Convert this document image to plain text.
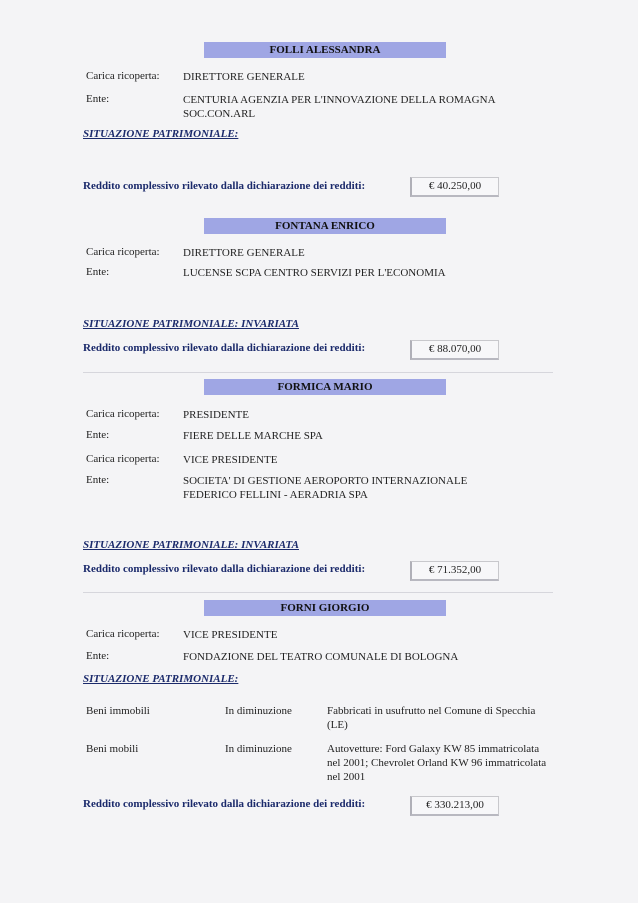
FOLLI ALESSANDRA
Carica ricoperta: DIRETTORE GENERALE
Ente:	CENTURIA AGENZIA PER L'INNOVAZIONE DELLA ROMAGNA
SOC.CON.ARL
SITUAZIONE PATRIMONIALE:
Reddito complessivo rilevato dalla dichiarazione dei redditi:	€ 40.250,00
FONTANA ENRICO
Carica ricoperta: DIRETTORE GENERALE
Ente:	LUCENSE SCPA CENTRO SERVIZI PER L'ECONOMIA
SITUAZIONE PATRIMONIALE: INVARIATA
Reddito complessivo rilevato dalla dichiarazione dei redditi:	€ 88.070,00
FORMICA MARIO
Carica ricoperta: PRESIDENTE
Ente:	FIERE DELLE MARCHE SPA
Carica ricoperta: VICE PRESIDENTE
Ente:	SOCIETA' DI GESTIONE AEROPORTO INTERNAZIONALE
FEDERICO FELLINI - AERADRIA SPA
SITUAZIONE PATRIMONIALE: INVARIATA
Reddito complessivo rilevato dalla dichiarazione dei redditi:	€ 71.352,00
FORNI GIORGIO
Carica ricoperta: VICE PRESIDENTE
Ente:	FONDAZIONE DEL TEATRO COMUNALE DI BOLOGNA
SITUAZIONE PATRIMONIALE:
Beni immobili	In diminuzione	Fabbricati in usufrutto nel Comune di Specchia
(LE)
Beni mobili	In diminuzione	Autovetture: Ford Galaxy KW 85 immatricolata
nel 2001; Chevrolet Orland KW 96 immatricolata
nel 2001
Reddito complessivo rilevato dalla dichiarazione dei redditi:	€ 330.213,00
